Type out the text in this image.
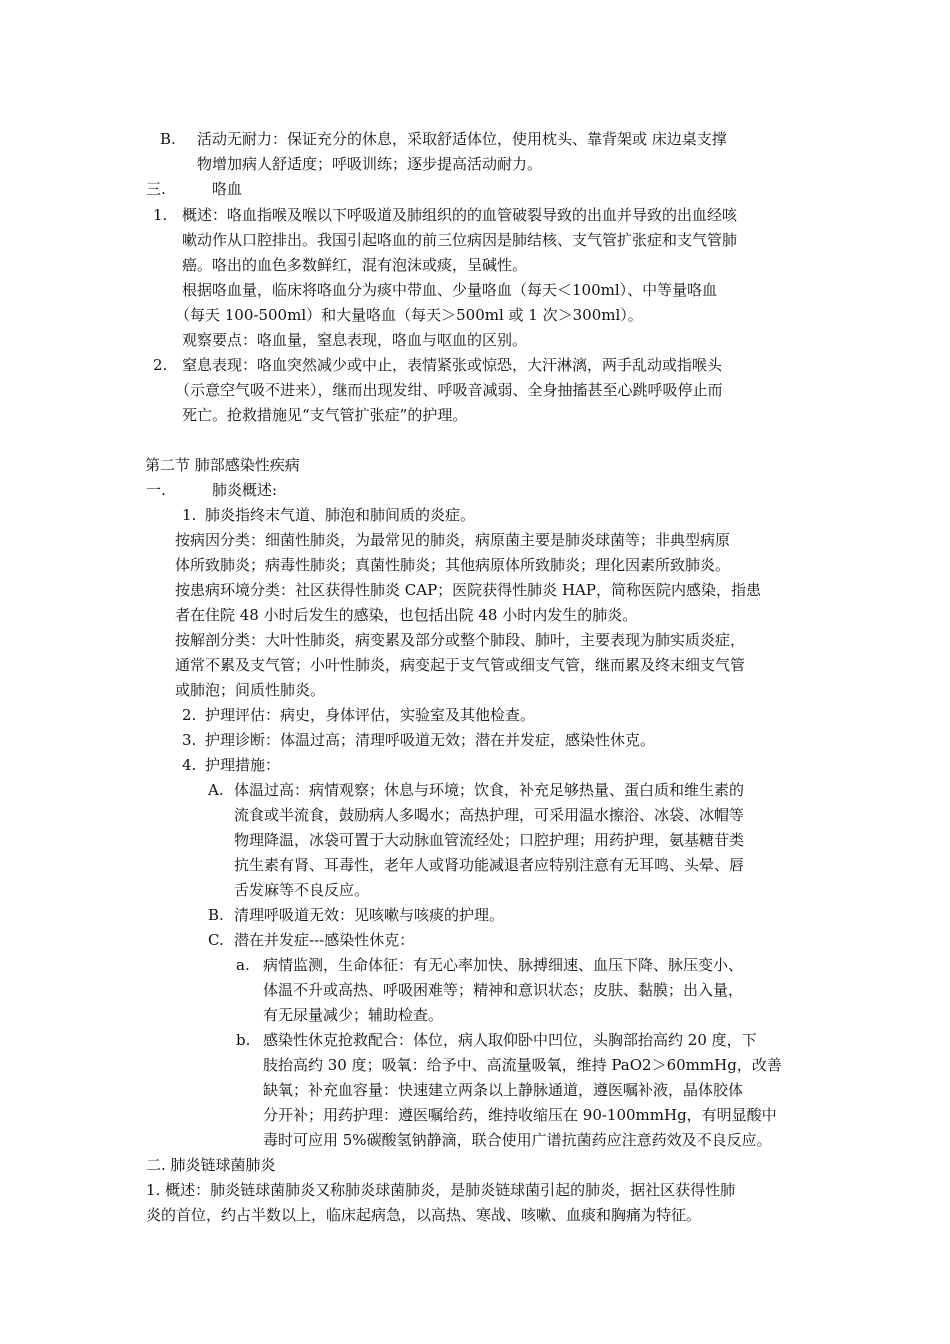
B. 活动无耐力：保证充分的休息，采取舒适体位，使用枕头、靠背架或 床边桌支撑
物增加病人舒适度；呼吸训练；逐步提高活动耐力。
三.	咯血
1. 概述：咯血指喉及喉以下呼吸道及肺组织的的血管破裂导致的出血并导致的出血经咳
嗽动作从口腔排出。我国引起咯血的前三位病因是肺结核、支气管扩张症和支气管肺
癌。咯出的血色多数鲜红，混有泡沫或痰，呈碱性。
根据咯血量，临床将咯血分为痰中带血、少量咯血（每天＜100ml）、中等量咯血
（每天 100-500ml）和大量咯血（每天＞500ml 或 1 次＞300ml）。
观察要点：咯血量，窒息表现，咯血与呕血的区别。
2. 窒息表现：咯血突然减少或中止，表情紧张或惊恐，大汗淋漓，两手乱动或指喉头
（示意空气吸不进来），继而出现发绀、呼吸音减弱、全身抽搐甚至心跳呼吸停止而
死亡。抢救措施见“支气管扩张症”的护理。
第二节 肺部感染性疾病
一.	肺炎概述:
1. 肺炎指终末气道、肺泡和肺间质的炎症。
按病因分类：细菌性肺炎，为最常见的肺炎，病原菌主要是肺炎球菌等；非典型病原
体所致肺炎；病毒性肺炎；真菌性肺炎；其他病原体所致肺炎；理化因素所致肺炎。
按患病环境分类：社区获得性肺炎 CAP；医院获得性肺炎 HAP，简称医院内感染，指患
者在住院 48 小时后发生的感染，也包括出院 48 小时内发生的肺炎。
按解剖分类：大叶性肺炎，病变累及部分或整个肺段、肺叶，主要表现为肺实质炎症，
通常不累及支气管；小叶性肺炎，病变起于支气管或细支气管，继而累及终末细支气管
或肺泡；间质性肺炎。
2. 护理评估：病史，身体评估，实验室及其他检查。
3. 护理诊断：体温过高；清理呼吸道无效；潜在并发症，感染性休克。
4. 护理措施：
A. 体温过高：病情观察；休息与环境；饮食，补充足够热量、蛋白质和维生素的
流食或半流食，鼓励病人多喝水；高热护理，可采用温水擦浴、冰袋、冰帽等
物理降温，冰袋可置于大动脉血管流经处；口腔护理；用药护理，氨基糖苷类
抗生素有肾、耳毒性，老年人或肾功能减退者应特别注意有无耳鸣、头晕、唇
舌发麻等不良反应。
B. 清理呼吸道无效：见咳嗽与咳痰的护理。
C. 潜在并发症---感染性休克：
a. 病情监测，生命体征：有无心率加快、脉搏细速、血压下降、脉压变小、
体温不升或高热、呼吸困难等；精神和意识状态；皮肤、黏膜；出入量，
有无尿量减少；辅助检查。
b. 感染性休克抢救配合：体位，病人取仰卧中凹位，头胸部抬高约 20 度，下
肢抬高约 30 度；吸氧：给予中、高流量吸氧，维持 PaO2＞60mmHg，改善
缺氧；补充血容量：快速建立两条以上静脉通道，遵医嘱补液，晶体胶体
分开补；用药护理：遵医嘱给药，维持收缩压在 90-100mmHg，有明显酸中
毒时可应用 5%碳酸氢钠静滴，联合使用广谱抗菌药应注意药效及不良反应。
二. 肺炎链球菌肺炎
1. 概述：肺炎链球菌肺炎又称肺炎球菌肺炎，是肺炎链球菌引起的肺炎，据社区获得性肺
炎的首位，约占半数以上，临床起病急，以高热、寒战、咳嗽、血痰和胸痛为特征。
